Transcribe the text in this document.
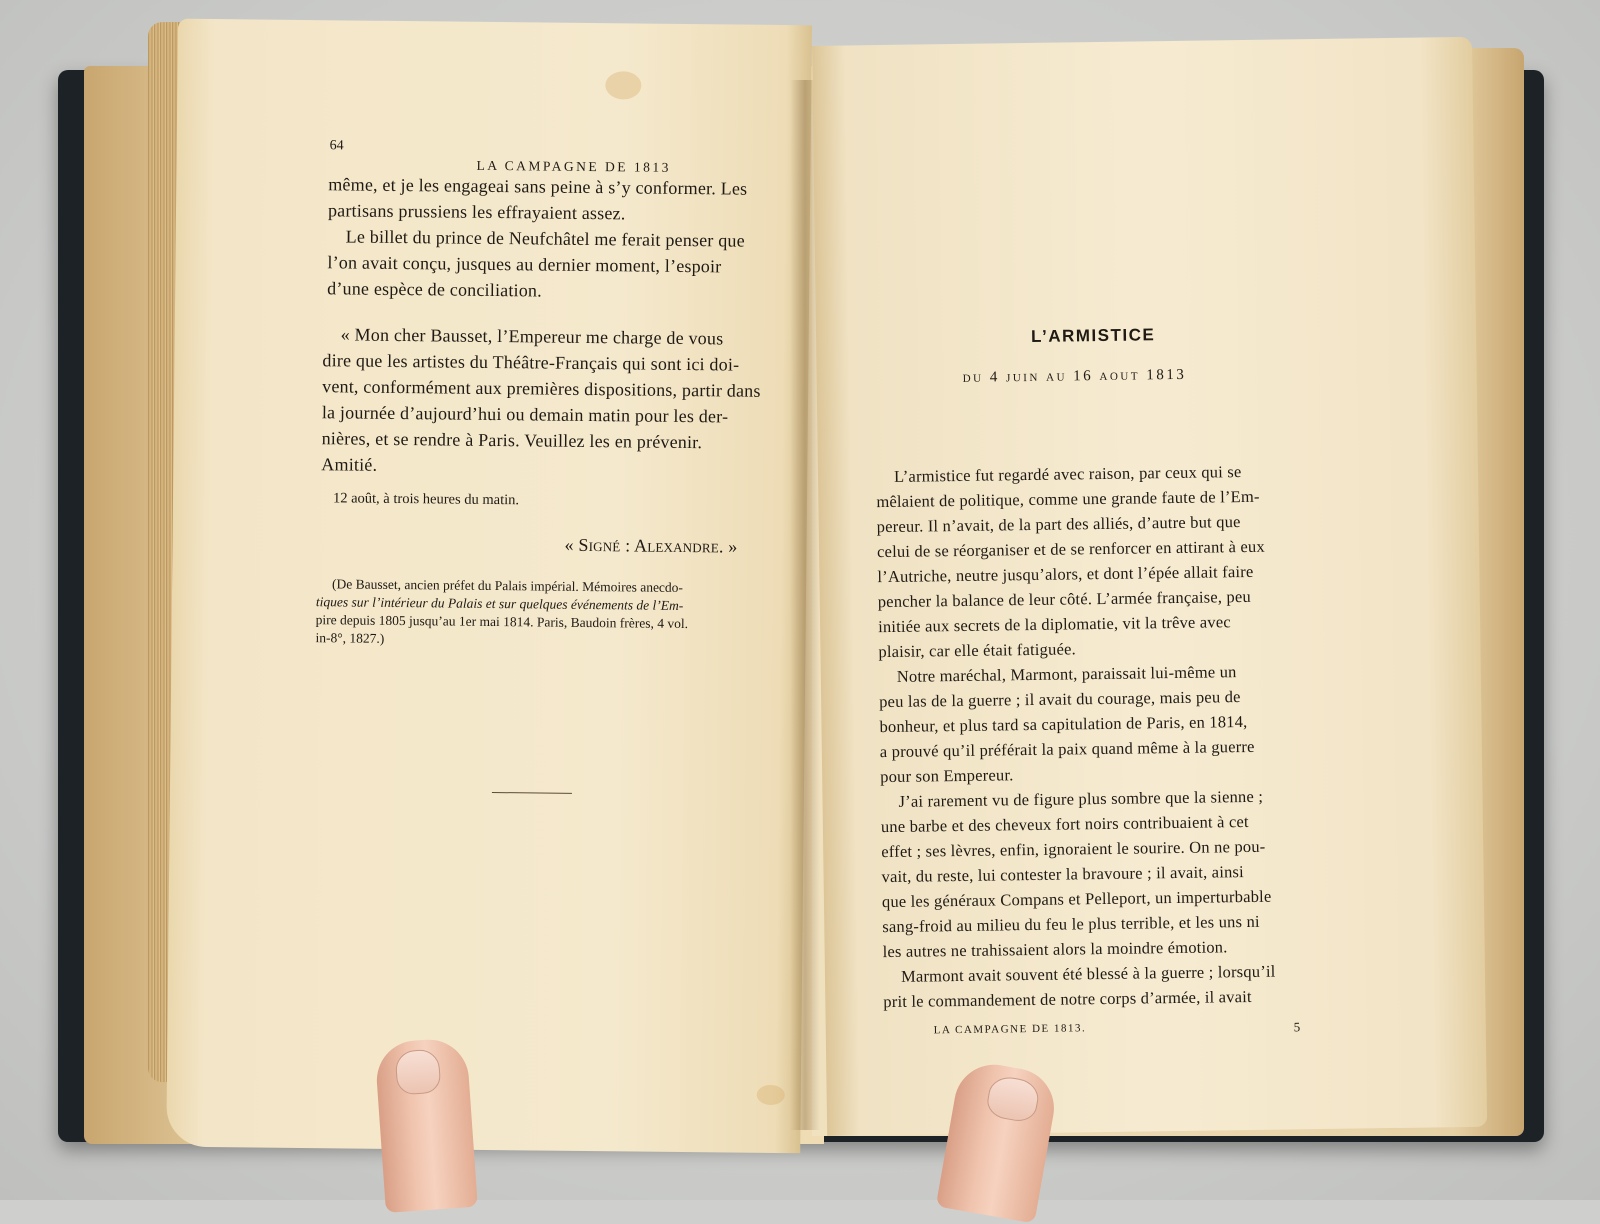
64
LA CAMPAGNE DE 1813
même, et je les engageai sans peine à s’y conformer. Les
partisans prussiens les effrayaient assez.
Le billet du prince de Neufchâtel me ferait penser que
l’on avait conçu, jusques au dernier moment, l’espoir
d’une espèce de conciliation.
« Mon cher Bausset, l’Empereur me charge de vous
dire que les artistes du Théâtre-Français qui sont ici doi-
vent, conformément aux premières dispositions, partir dans
la journée d’aujourd’hui ou demain matin pour les der-
nières, et se rendre à Paris. Veuillez les en prévenir.
Amitié.
12 août, à trois heures du matin.
« Signé : Alexandre. »
(De Bausset, ancien préfet du Palais impérial. Mémoires anecdo-
tiques sur l’intérieur du Palais et sur quelques événements de l’Em-
pire depuis 1805 jusqu’au 1er mai 1814. Paris, Baudoin frères, 4 vol.
in-8°, 1827.)
L’ARMISTICE
du 4 juin au 16 aout 1813
L’armistice fut regardé avec raison, par ceux qui se
mêlaient de politique, comme une grande faute de l’Em-
pereur. Il n’avait, de la part des alliés, d’autre but que
celui de se réorganiser et de se renforcer en attirant à eux
l’Autriche, neutre jusqu’alors, et dont l’épée allait faire
pencher la balance de leur côté. L’armée française, peu
initiée aux secrets de la diplomatie, vit la trêve avec
plaisir, car elle était fatiguée.
Notre maréchal, Marmont, paraissait lui-même un
peu las de la guerre ; il avait du courage, mais peu de
bonheur, et plus tard sa capitulation de Paris, en 1814,
a prouvé qu’il préférait la paix quand même à la guerre
pour son Empereur.
J’ai rarement vu de figure plus sombre que la sienne ;
une barbe et des cheveux fort noirs contribuaient à cet
effet ; ses lèvres, enfin, ignoraient le sourire. On ne pou-
vait, du reste, lui contester la bravoure ; il avait, ainsi
que les généraux Compans et Pelleport, un imperturbable
sang-froid au milieu du feu le plus terrible, et les uns ni
les autres ne trahissaient alors la moindre émotion.
Marmont avait souvent été blessé à la guerre ; lorsqu’il
prit le commandement de notre corps d’armée, il avait
LA CAMPAGNE DE 1813.	5
